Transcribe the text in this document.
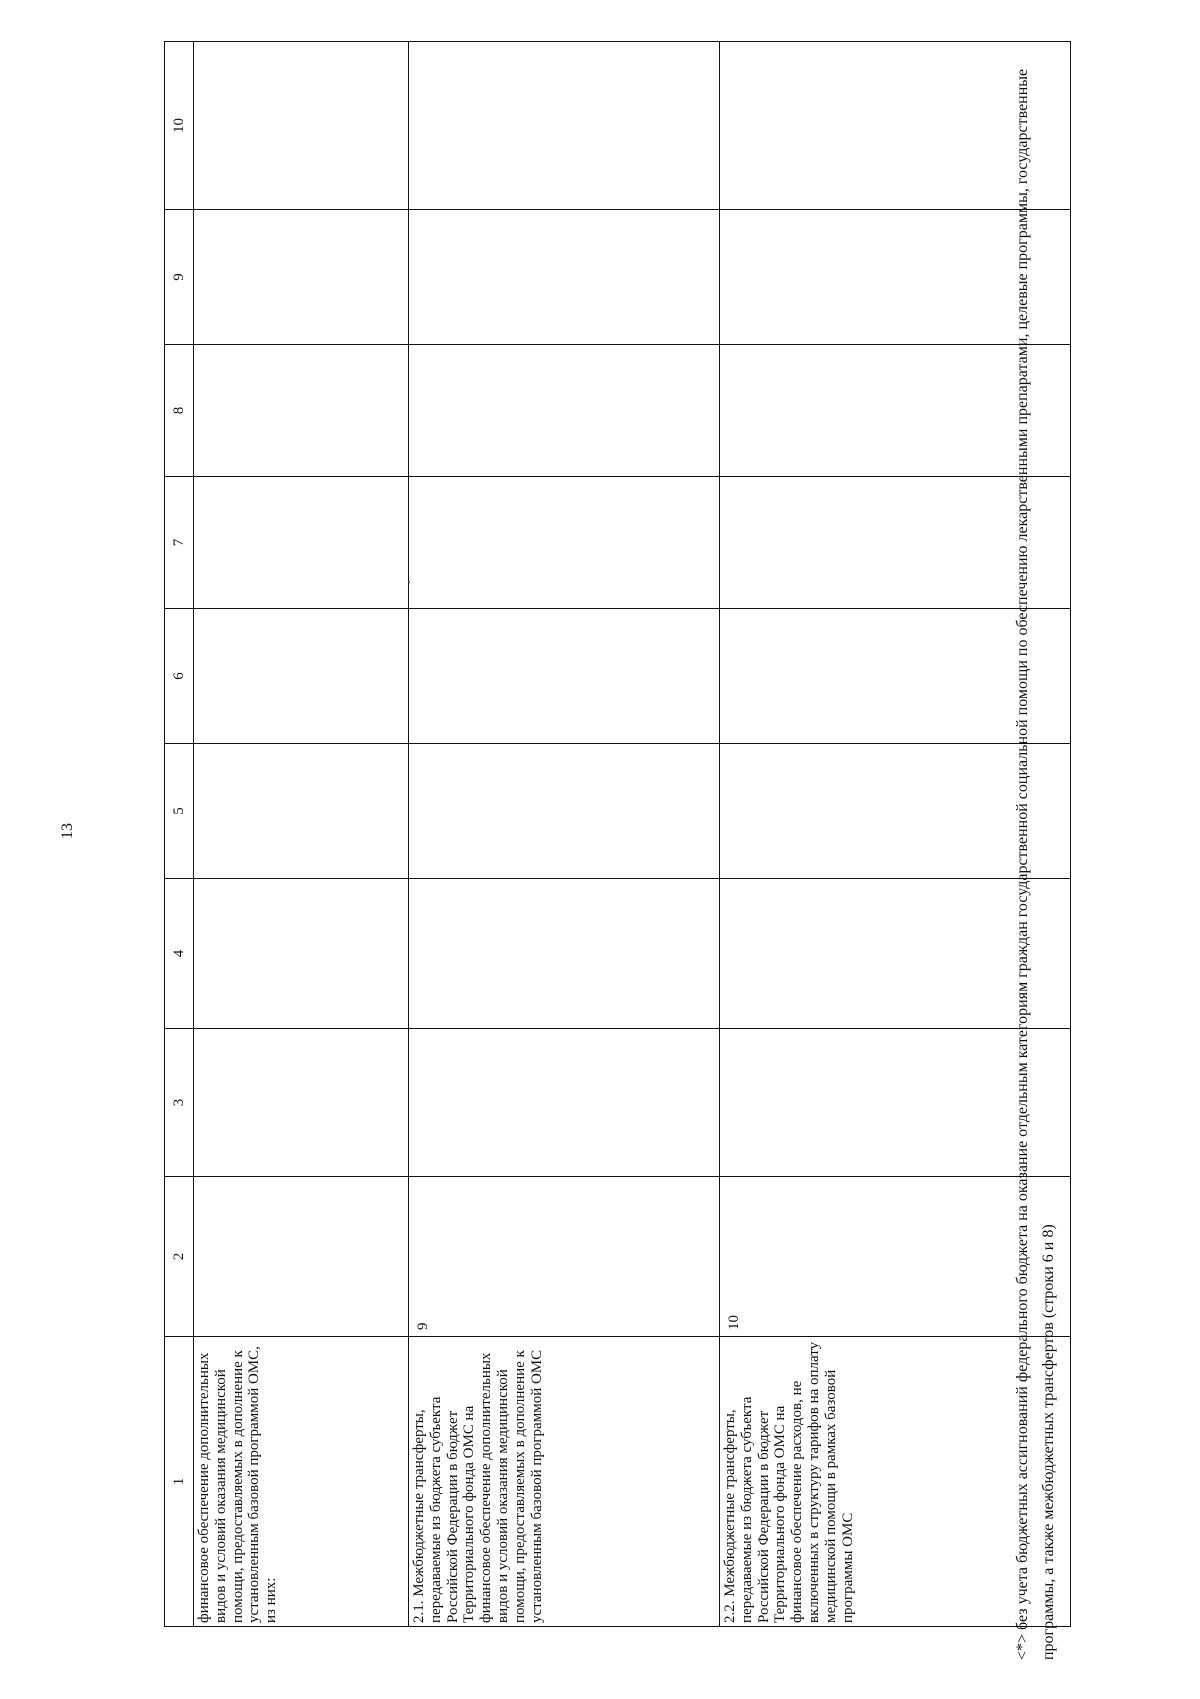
13
1	2	3	4	5	6	7	8	9	10
финансовое обеспечение дополнительных видов и условий оказания медицинской помощи, предоставляемых в дополнение к установленным базовой программой ОМС, из них:									
2.1. Межбюджетные трансферты, передаваемые из бюджета субъекта Российской Федерации в бюджет Территориального фонда ОМС на финансовое обеспечение дополнительных видов и условий оказания медицинской помощи, предоставляемых в дополнение к установленным базовой программой ОМС	9								
2.2. Межбюджетные трансферты, передаваемые из бюджета субъекта Российской Федерации в бюджет Территориального фонда ОМС на финансовое обеспечение расходов, не включенных в структуру тарифов на оплату медицинской помощи в рамках базовой программы ОМС	10									<*> без учета бюджетных ассигнований федерального бюджета на оказание отдельным категориям граждан государственной социальной помощи по обеспечению лекарственными препаратами, целевые программы, государственные программы, а также межбюджетных трансфертов (строки 6 и 8)
